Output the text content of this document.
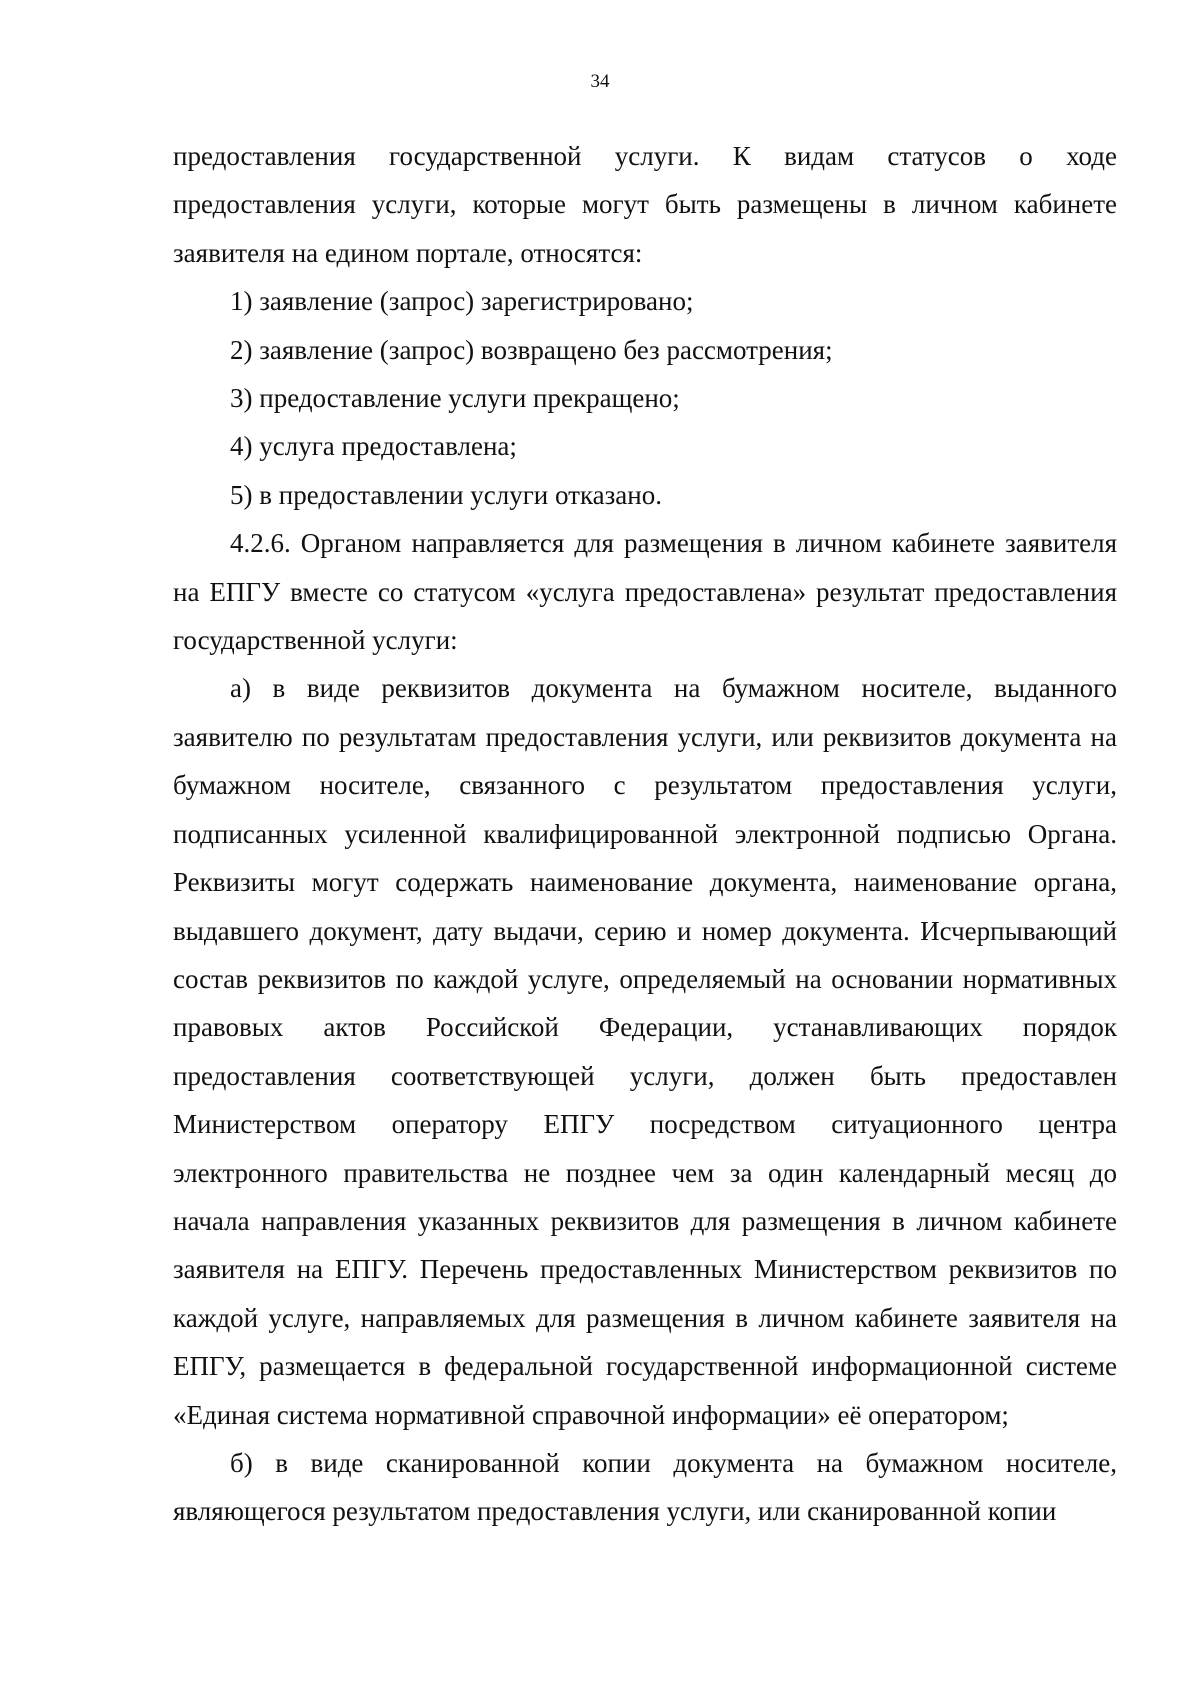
34

предоставления государственной услуги. К видам статусов о ходе предоставления услуги, которые могут быть размещены в личном кабинете заявителя на едином портале, относятся:

1) заявление (запрос) зарегистрировано;

2) заявление (запрос) возвращено без рассмотрения;

3) предоставление услуги прекращено;

4) услуга предоставлена;

5) в предоставлении услуги отказано.

4.2.6. Органом направляется для размещения в личном кабинете заявителя на ЕПГУ вместе со статусом «услуга предоставлена» результат предоставления государственной услуги:

а) в виде реквизитов документа на бумажном носителе, выданного заявителю по результатам предоставления услуги, или реквизитов документа на бумажном носителе, связанного с результатом предоставления услуги, подписанных усиленной квалифицированной электронной подписью Органа. Реквизиты могут содержать наименование документа, наименование органа, выдавшего документ, дату выдачи, серию и номер документа. Исчерпывающий состав реквизитов по каждой услуге, определяемый на основании нормативных правовых актов Российской Федерации, устанавливающих порядок предоставления соответствующей услуги, должен быть предоставлен Министерством оператору ЕПГУ посредством ситуационного центра электронного правительства не позднее чем за один календарный месяц до начала направления указанных реквизитов для размещения в личном кабинете заявителя на ЕПГУ. Перечень предоставленных Министерством реквизитов по каждой услуге, направляемых для размещения в личном кабинете заявителя на ЕПГУ, размещается в федеральной государственной информационной системе «Единая система нормативной справочной информации» её оператором;

б) в виде сканированной копии документа на бумажном носителе, являющегося результатом предоставления услуги, или сканированной копии
